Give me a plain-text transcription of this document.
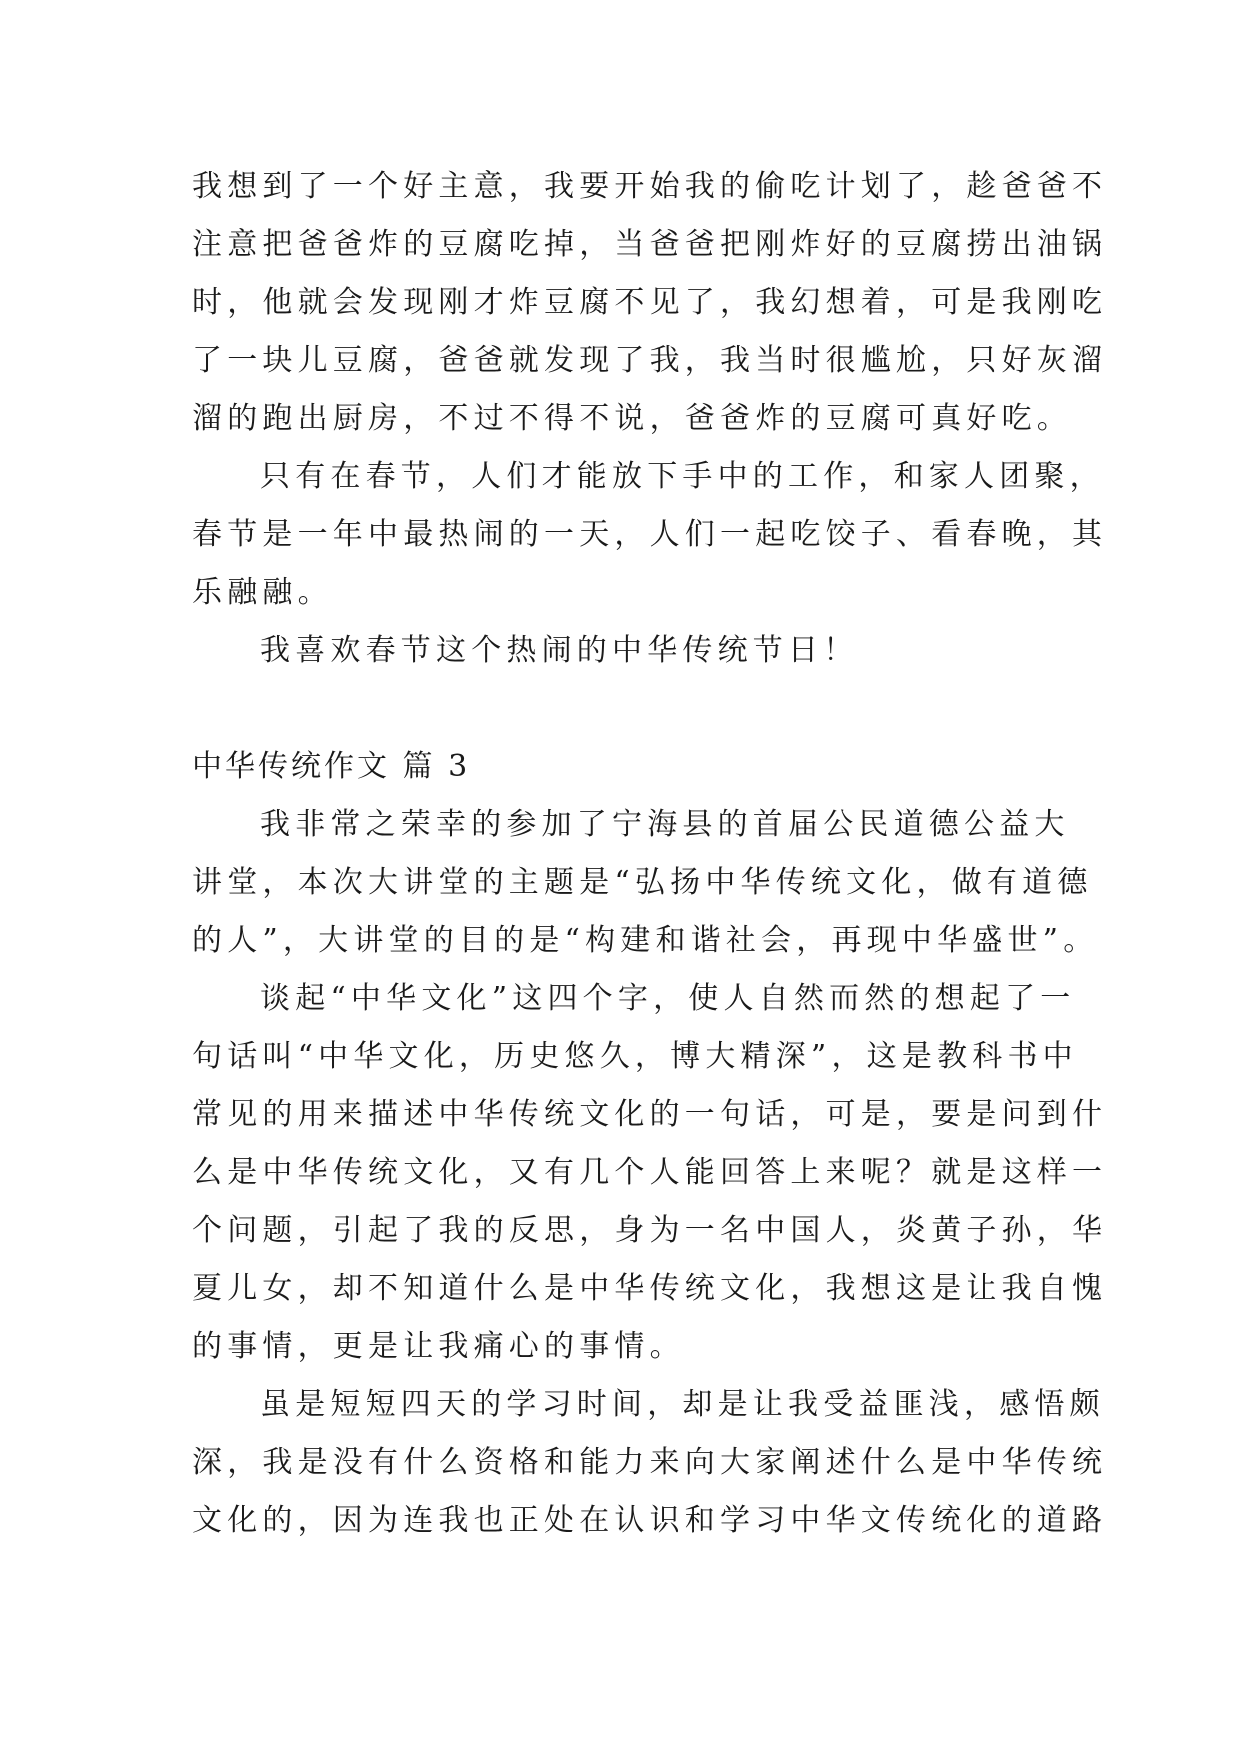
我想到了一个好主意，我要开始我的偷吃计划了，趁爸爸不
注意把爸爸炸的豆腐吃掉，当爸爸把刚炸好的豆腐捞出油锅
时，他就会发现刚才炸豆腐不见了，我幻想着，可是我刚吃
了一块儿豆腐，爸爸就发现了我，我当时很尴尬，只好灰溜
溜的跑出厨房，不过不得不说，爸爸炸的豆腐可真好吃。
只有在春节，人们才能放下手中的工作，和家人团聚，
春节是一年中最热闹的一天，人们一起吃饺子、看春晚，其
乐融融。
我喜欢春节这个热闹的中华传统节日！
中华传统作文 篇 3
我非常之荣幸的参加了宁海县的首届公民道德公益大
讲堂，本次大讲堂的主题是“弘扬中华传统文化，做有道德
的人”，大讲堂的目的是“构建和谐社会，再现中华盛世”。
谈起“中华文化”这四个字，使人自然而然的想起了一
句话叫“中华文化，历史悠久，博大精深”，这是教科书中
常见的用来描述中华传统文化的一句话，可是，要是问到什
么是中华传统文化，又有几个人能回答上来呢？就是这样一
个问题，引起了我的反思，身为一名中国人，炎黄子孙，华
夏儿女，却不知道什么是中华传统文化，我想这是让我自愧
的事情，更是让我痛心的事情。
虽是短短四天的学习时间，却是让我受益匪浅，感悟颇
深，我是没有什么资格和能力来向大家阐述什么是中华传统
文化的，因为连我也正处在认识和学习中华文传统化的道路
